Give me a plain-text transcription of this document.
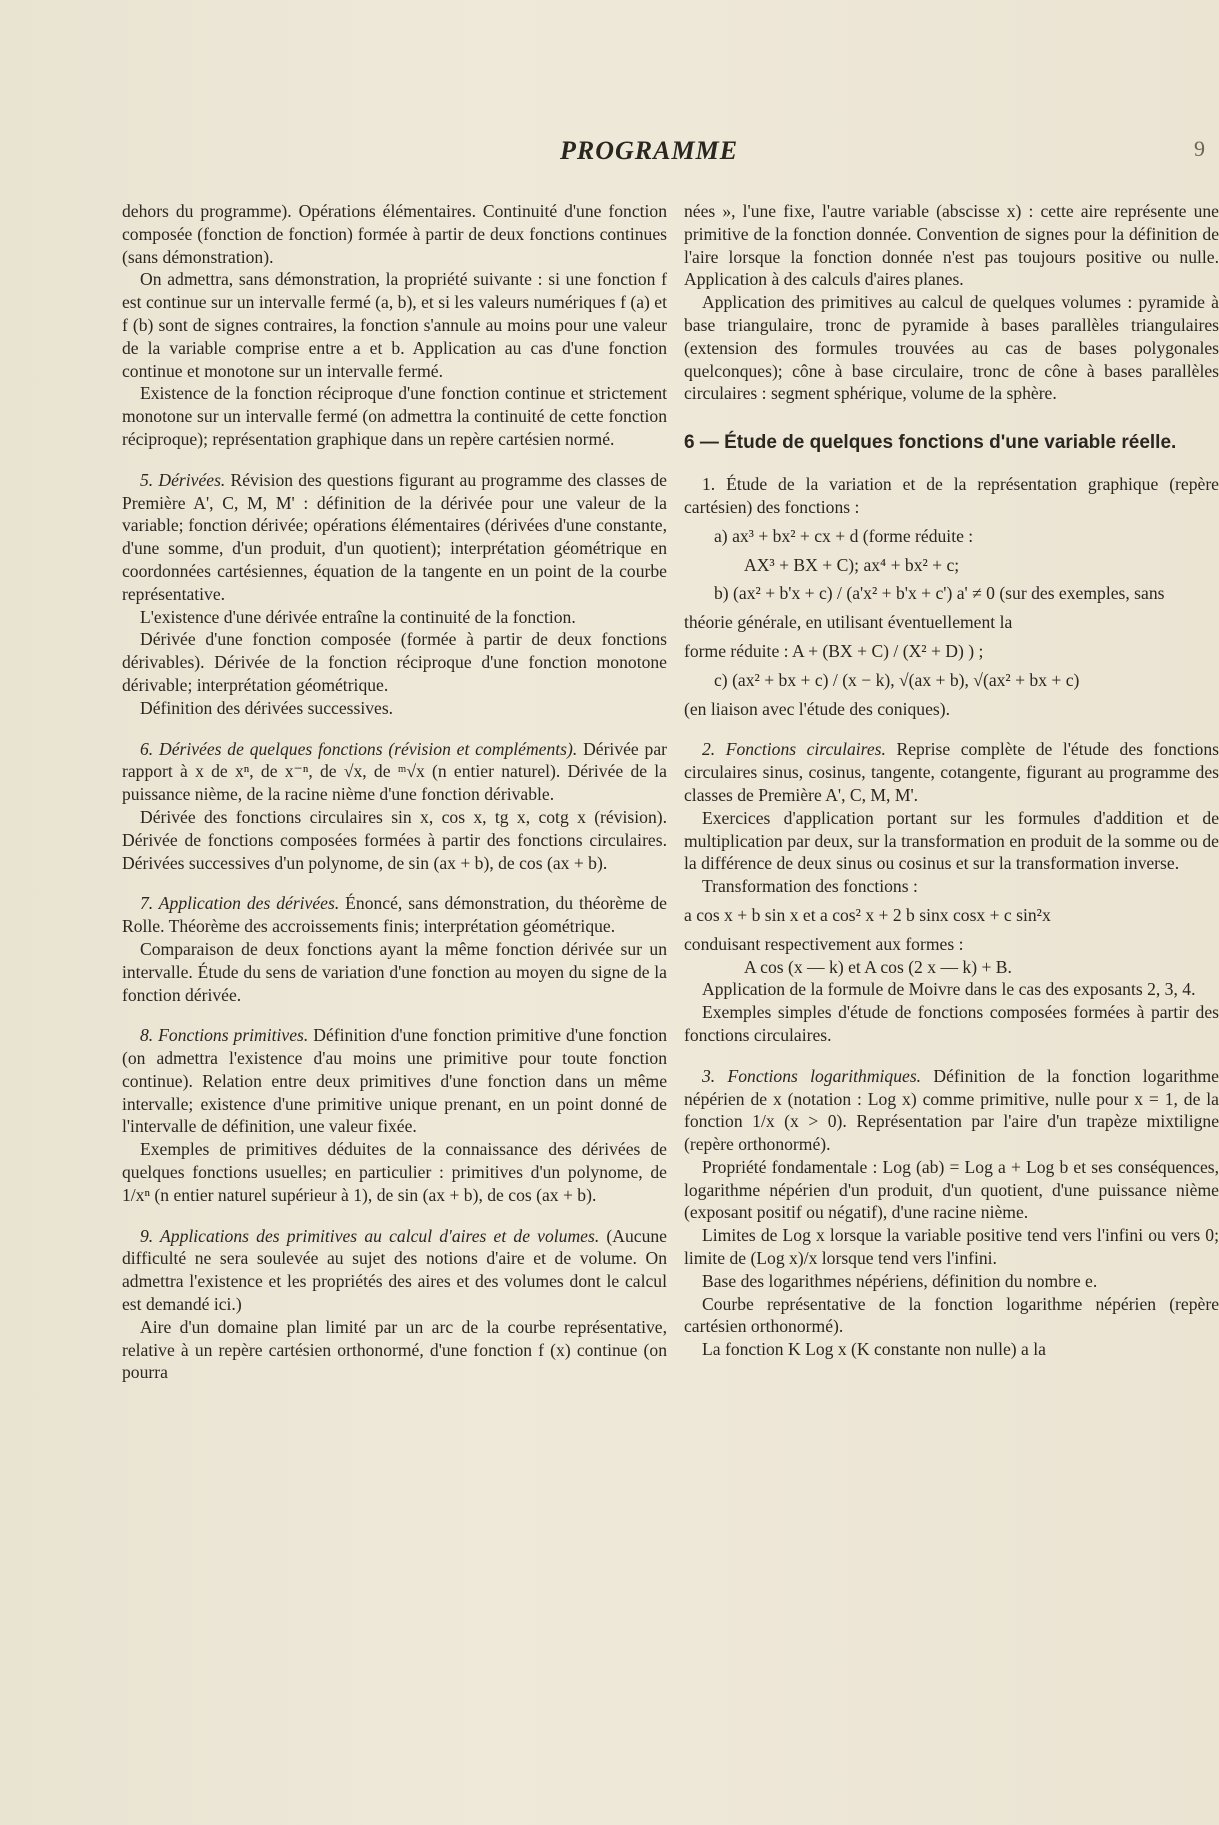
PROGRAMME	9

dehors du programme). Opérations élémentaires. Continuité d'une fonction composée (fonction de fonction) formée à partir de deux fonctions continues (sans démonstration).

On admettra, sans démonstration, la propriété suivante : si une fonction f est continue sur un intervalle fermé (a, b), et si les valeurs numériques f (a) et f (b) sont de signes contraires, la fonction s'annule au moins pour une valeur de la variable comprise entre a et b. Application au cas d'une fonction continue et monotone sur un intervalle fermé.

Existence de la fonction réciproque d'une fonction continue et strictement monotone sur un intervalle fermé (on admettra la continuité de cette fonction réciproque); représentation graphique dans un repère cartésien normé.

5. Dérivées. Révision des questions figurant au programme des classes de Première A', C, M, M' : définition de la dérivée pour une valeur de la variable; fonction dérivée; opérations élémentaires (dérivées d'une constante, d'une somme, d'un produit, d'un quotient); interprétation géométrique en coordonnées cartésiennes, équation de la tangente en un point de la courbe représentative.

L'existence d'une dérivée entraîne la continuité de la fonction.

Dérivée d'une fonction composée (formée à partir de deux fonctions dérivables). Dérivée de la fonction réciproque d'une fonction monotone dérivable; interprétation géométrique.

Définition des dérivées successives.

6. Dérivées de quelques fonctions (révision et compléments). Dérivée par rapport à x de xⁿ, de x⁻ⁿ, de √x, de ᵐ√x (n entier naturel). Dérivée de la puissance nième, de la racine nième d'une fonction dérivable.

Dérivée des fonctions circulaires sin x, cos x, tg x, cotg x (révision). Dérivée de fonctions composées formées à partir des fonctions circulaires. Dérivées successives d'un polynome, de sin (ax + b), de cos (ax + b).

7. Application des dérivées. Énoncé, sans démonstration, du théorème de Rolle. Théorème des accroissements finis; interprétation géométrique.

Comparaison de deux fonctions ayant la même fonction dérivée sur un intervalle. Étude du sens de variation d'une fonction au moyen du signe de la fonction dérivée.

8. Fonctions primitives. Définition d'une fonction primitive d'une fonction (on admettra l'existence d'au moins une primitive pour toute fonction continue). Relation entre deux primitives d'une fonction dans un même intervalle; existence d'une primitive unique prenant, en un point donné de l'intervalle de définition, une valeur fixée.

Exemples de primitives déduites de la connaissance des dérivées de quelques fonctions usuelles; en particulier : primitives d'un polynome, de 1/xⁿ (n entier naturel supérieur à 1), de sin (ax + b), de cos (ax + b).

9. Applications des primitives au calcul d'aires et de volumes. (Aucune difficulté ne sera soulevée au sujet des notions d'aire et de volume. On admettra l'existence et les propriétés des aires et des volumes dont le calcul est demandé ici.)

Aire d'un domaine plan limité par un arc de la courbe représentative, relative à un repère cartésien orthonormé, d'une fonction f (x) continue (on pourra

nées », l'une fixe, l'autre variable (abscisse x) : cette aire représente une primitive de la fonction donnée. Convention de signes pour la définition de l'aire lorsque la fonction donnée n'est pas toujours positive ou nulle. Application à des calculs d'aires planes.

Application des primitives au calcul de quelques volumes : pyramide à base triangulaire, tronc de pyramide à bases parallèles triangulaires (extension des formules trouvées au cas de bases polygonales quelconques); cône à base circulaire, tronc de cône à bases parallèles circulaires : segment sphérique, volume de la sphère.

6 — Étude de quelques fonctions d'une variable réelle.

1. Étude de la variation et de la représentation graphique (repère cartésien) des fonctions :

a) ax³ + bx² + cx + d (forme réduite :

AX³ + BX + C); ax⁴ + bx² + c;

b) (ax² + b'x + c) / (a'x² + b'x + c') a' ≠ 0 (sur des exemples, sans

théorie générale, en utilisant éventuellement la

forme réduite : A + (BX + C) / (X² + D) ) ;

c) (ax² + bx + c) / (x − k), √(ax + b), √(ax² + bx + c)

(en liaison avec l'étude des coniques).

2. Fonctions circulaires. Reprise complète de l'étude des fonctions circulaires sinus, cosinus, tangente, cotangente, figurant au programme des classes de Première A', C, M, M'.

Exercices d'application portant sur les formules d'addition et de multiplication par deux, sur la transformation en produit de la somme ou de la différence de deux sinus ou cosinus et sur la transformation inverse.

Transformation des fonctions :

a cos x + b sin x et a cos² x + 2 b sinx cosx + c sin²x

conduisant respectivement aux formes :

A cos (x — k) et A cos (2 x — k) + B.

Application de la formule de Moivre dans le cas des exposants 2, 3, 4.

Exemples simples d'étude de fonctions composées formées à partir des fonctions circulaires.

3. Fonctions logarithmiques. Définition de la fonction logarithme népérien de x (notation : Log x) comme primitive, nulle pour x = 1, de la fonction 1/x (x > 0). Représentation par l'aire d'un trapèze mixtiligne (repère orthonormé).

Propriété fondamentale : Log (ab) = Log a + Log b et ses conséquences, logarithme népérien d'un produit, d'un quotient, d'une puissance nième (exposant positif ou négatif), d'une racine nième.

Limites de Log x lorsque la variable positive tend vers l'infini ou vers 0; limite de (Log x)/x lorsque tend vers l'infini.

Base des logarithmes népériens, définition du nombre e.

Courbe représentative de la fonction logarithme népérien (repère cartésien orthonormé).

La fonction K Log x (K constante non nulle) a la
